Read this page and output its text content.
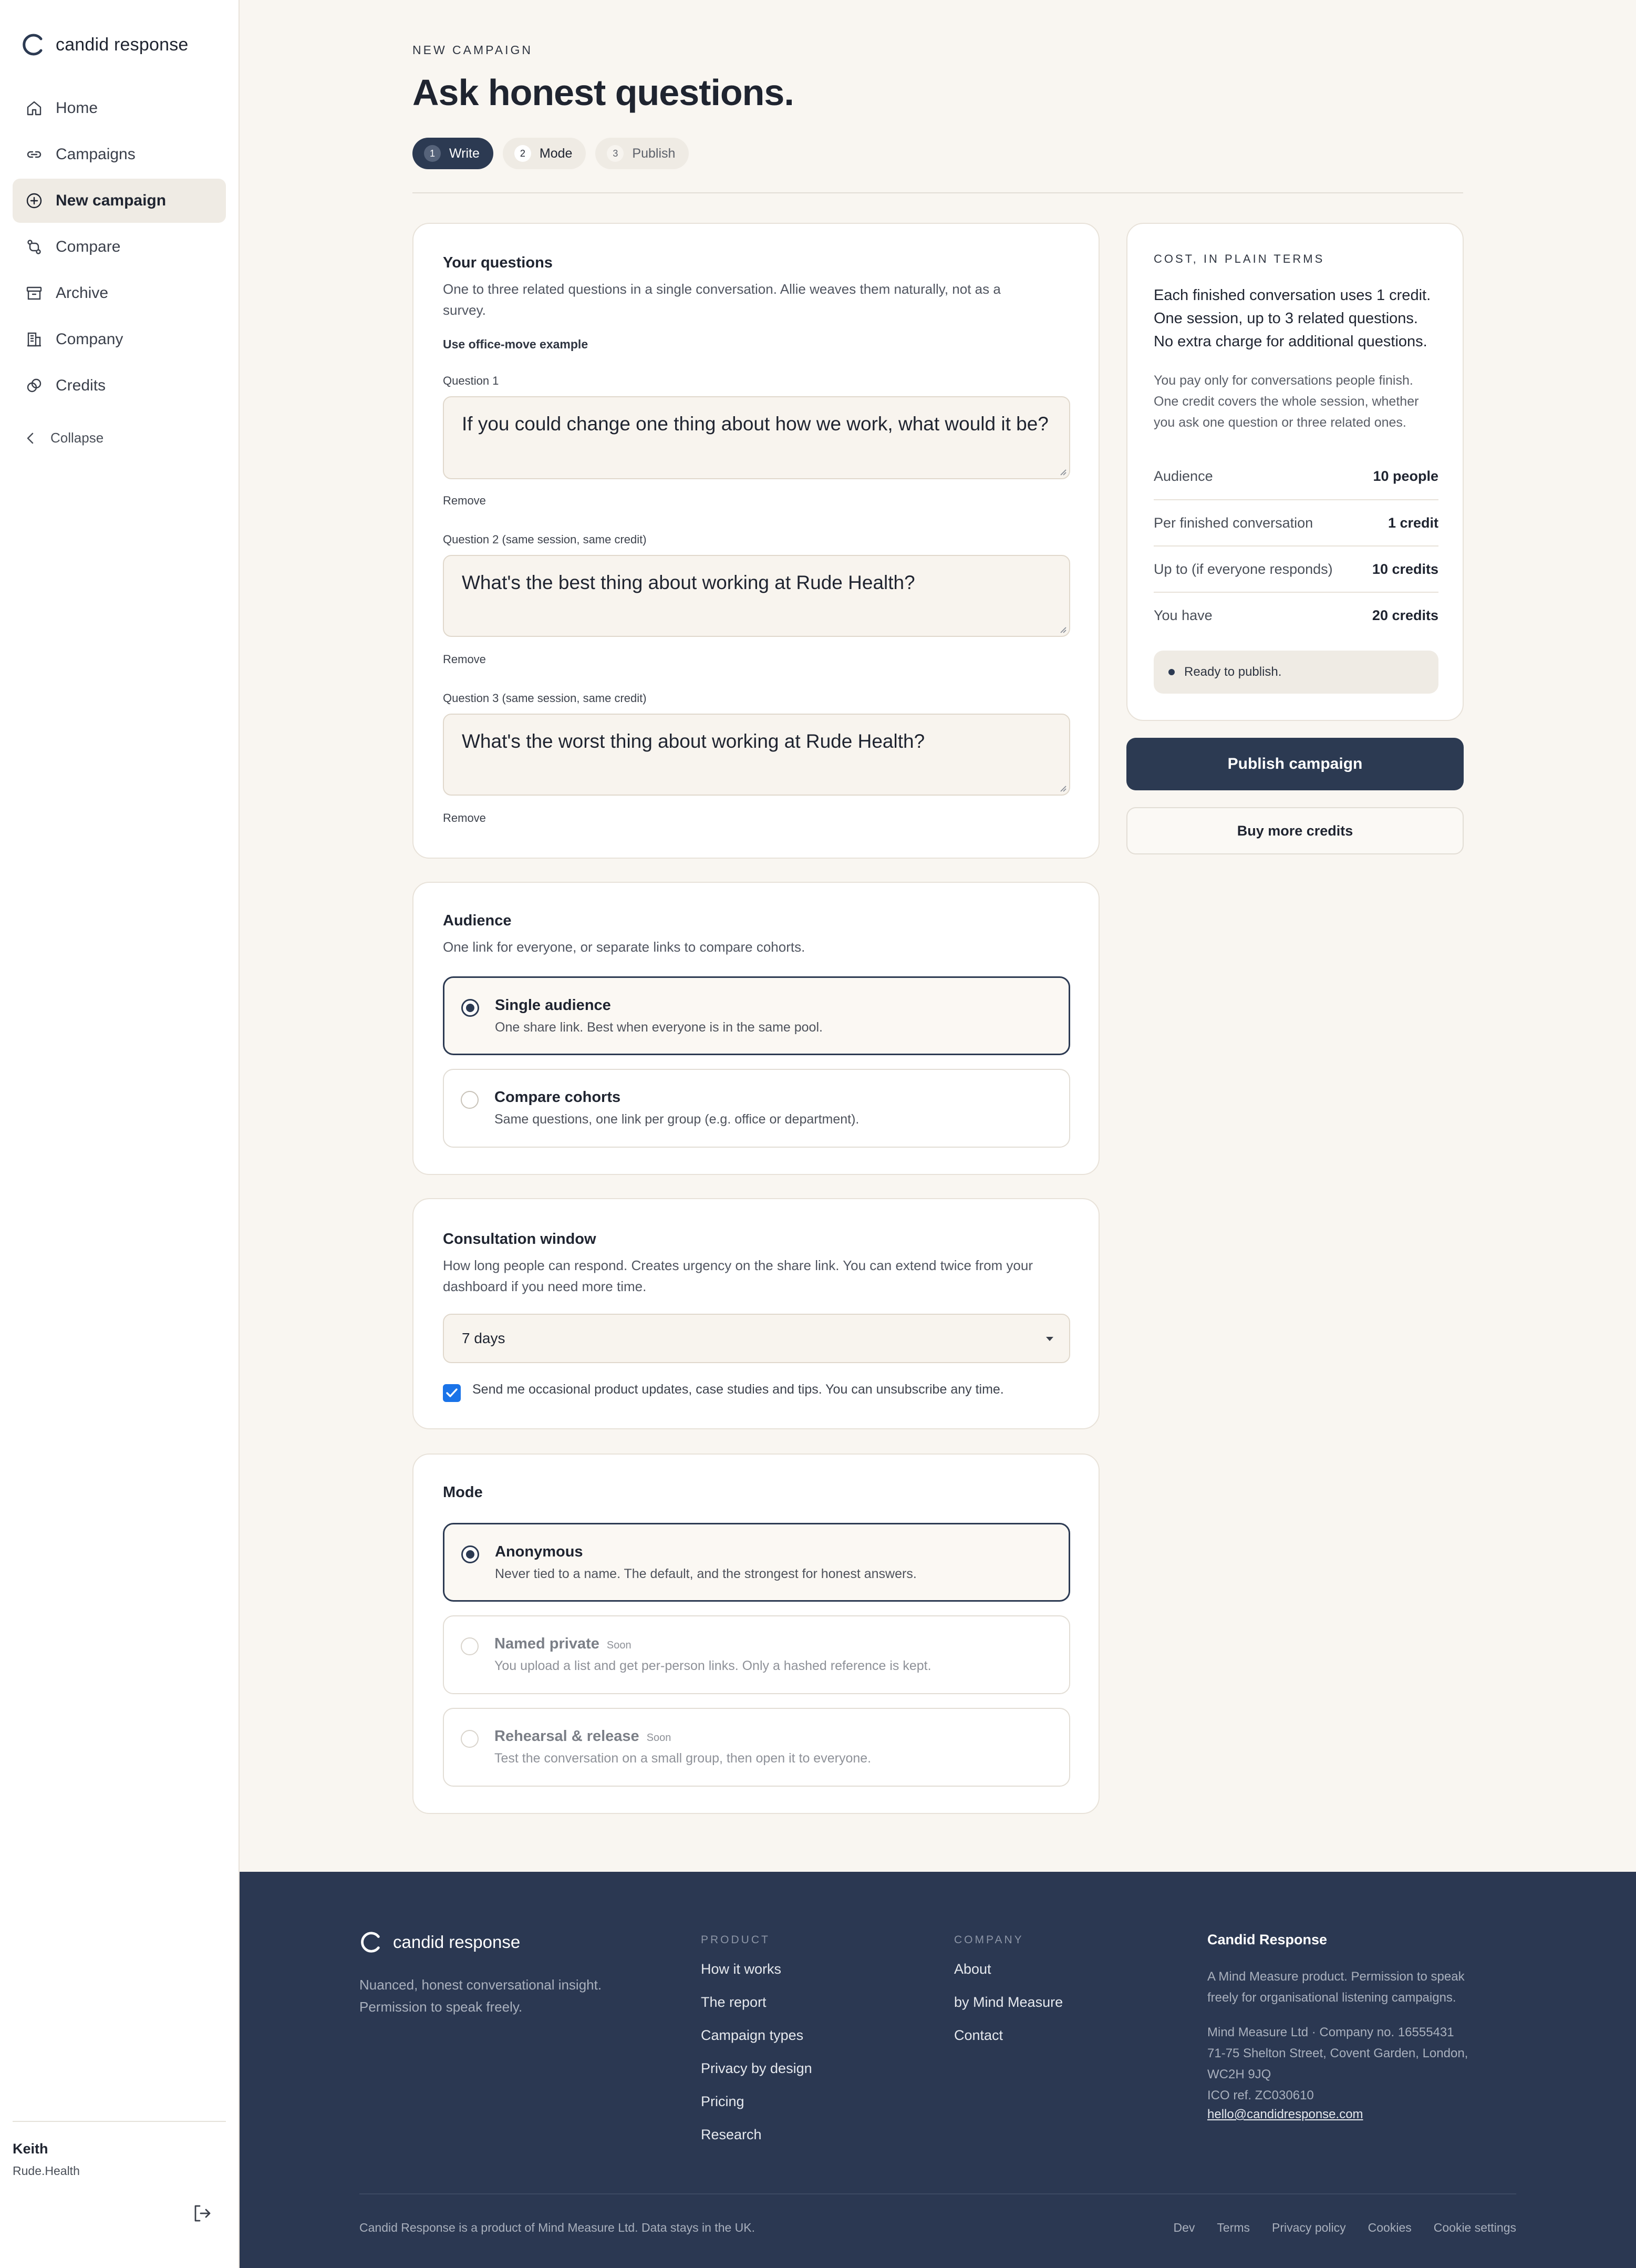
candid response
Home
Campaigns
New campaign
Compare
Archive
Company
Credits
Collapse
Keith
Rude.Health
NEW CAMPAIGN
Ask honest questions.
1	Write	2	Mode	3	Publish
Your questions
One to three related questions in a single conversation. Allie weaves them naturally, not as a
survey.
Use office-move example
Question 1
If you could change one thing about how we work, what would it be?
Remove
Question 2 (same session, same credit)
What's the best thing about working at Rude Health?
Remove
Question 3 (same session, same credit)
What's the worst thing about working at Rude Health?
Remove
Audience
One link for everyone, or separate links to compare cohorts.
Single audience
One share link. Best when everyone is in the same pool.
Compare cohorts
Same questions, one link per group (e.g. office or department).
Consultation window
How long people can respond. Creates urgency on the share link. You can extend twice from your
dashboard if you need more time.
7 days
Send me occasional product updates, case studies and tips. You can unsubscribe any time.
Mode
Anonymous
Never tied to a name. The default, and the strongest for honest answers.
Named private Soon
You upload a list and get per-person links. Only a hashed reference is kept.
Rehearsal & release Soon
Test the conversation on a small group, then open it to everyone.
COST, IN PLAIN TERMS
Each finished conversation uses 1 credit.
One session, up to 3 related questions.
No extra charge for additional questions.
You pay only for conversations people finish.
One credit covers the whole session, whether
you ask one question or three related ones.
Audience	10 people
Per finished conversation	1 credit
Up to (if everyone responds)	10 credits
You have	20 credits
Ready to publish.
Publish campaign
Buy more credits
candid response
Nuanced, honest conversational insight.
Permission to speak freely.
PRODUCT
How it works
The report
Campaign types
Privacy by design
Pricing
Research
COMPANY
About
by Mind Measure
Contact
Candid Response
A Mind Measure product. Permission to speak
freely for organisational listening campaigns.
Mind Measure Ltd · Company no. 16555431
71-75 Shelton Street, Covent Garden, London,
WC2H 9JQ
ICO ref. ZC030610
hello@candidresponse.com
Candid Response is a product of Mind Measure Ltd. Data stays in the UK.	Dev Terms Privacy policy Cookies Cookie settings
